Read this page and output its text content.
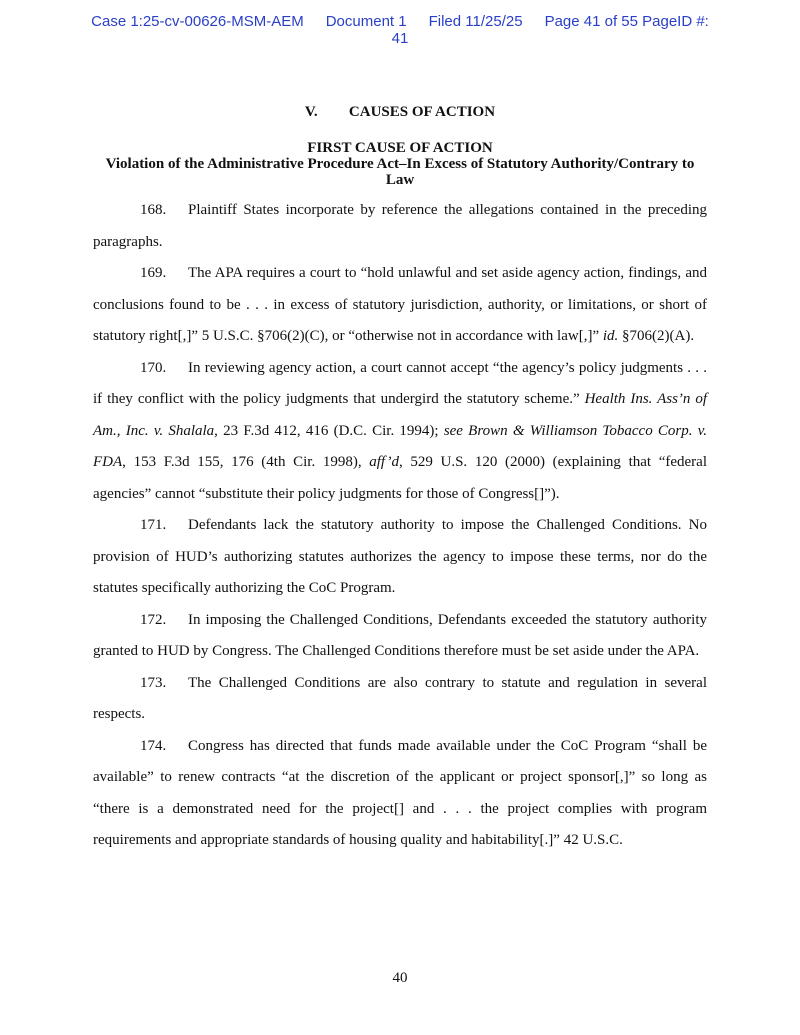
Case 1:25-cv-00626-MSM-AEM Document 1 Filed 11/25/25 Page 41 of 55 PageID #:
41
V. CAUSES OF ACTION
FIRST CAUSE OF ACTION
Violation of the Administrative Procedure Act–In Excess of Statutory Authority/Contrary to Law

168. Plaintiff States incorporate by reference the allegations contained in the preceding paragraphs.

169. The APA requires a court to “hold unlawful and set aside agency action, findings, and conclusions found to be . . . in excess of statutory jurisdiction, authority, or limitations, or short of statutory right[,]” 5 U.S.C. §706(2)(C), or “otherwise not in accordance with law[,]” id. §706(2)(A).

170. In reviewing agency action, a court cannot accept “the agency’s policy judgments . . . if they conflict with the policy judgments that undergird the statutory scheme.” Health Ins. Ass’n of Am., Inc. v. Shalala, 23 F.3d 412, 416 (D.C. Cir. 1994); see Brown & Williamson Tobacco Corp. v. FDA, 153 F.3d 155, 176 (4th Cir. 1998), aff’d, 529 U.S. 120 (2000) (explaining that “federal agencies” cannot “substitute their policy judgments for those of Congress[]”).

171. Defendants lack the statutory authority to impose the Challenged Conditions. No provision of HUD’s authorizing statutes authorizes the agency to impose these terms, nor do the statutes specifically authorizing the CoC Program.

172. In imposing the Challenged Conditions, Defendants exceeded the statutory authority granted to HUD by Congress. The Challenged Conditions therefore must be set aside under the APA.

173. The Challenged Conditions are also contrary to statute and regulation in several respects.

174. Congress has directed that funds made available under the CoC Program “shall be available” to renew contracts “at the discretion of the applicant or project sponsor[,]” so long as “there is a demonstrated need for the project[] and . . . the project complies with program requirements and appropriate standards of housing quality and habitability[.]” 42 U.S.C.

40
